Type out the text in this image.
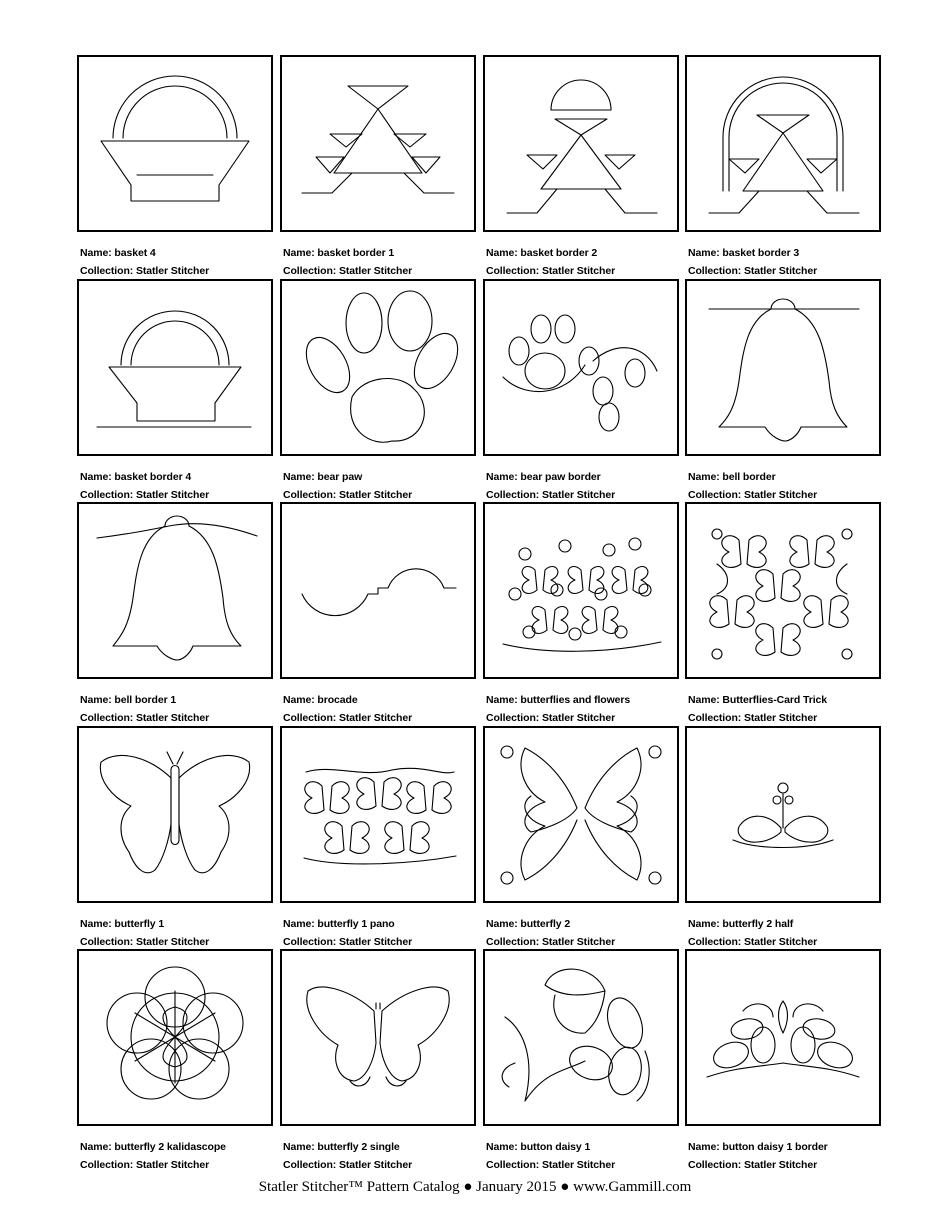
Name: basket 4
Collection: Statler Stitcher
Name: basket border 1
Collection: Statler Stitcher
Name: basket border 2
Collection: Statler Stitcher
Name: basket border 3
Collection: Statler Stitcher
Name: basket border 4
Collection: Statler Stitcher
Name: bear paw
Collection: Statler Stitcher
Name: bear paw border
Collection: Statler Stitcher
Name: bell border
Collection: Statler Stitcher
Name: bell border 1
Collection: Statler Stitcher
Name: brocade
Collection: Statler Stitcher
Name: butterflies and flowers
Collection: Statler Stitcher
Name: Butterflies-Card Trick
Collection: Statler Stitcher
Name: butterfly 1
Collection: Statler Stitcher
Name: butterfly 1 pano
Collection: Statler Stitcher
Name: butterfly 2
Collection: Statler Stitcher
Name: butterfly 2 half
Collection: Statler Stitcher
Name: butterfly 2 kalidascope
Collection: Statler Stitcher
Name: butterfly 2 single
Collection: Statler Stitcher
Name: button daisy 1
Collection: Statler Stitcher
Name: button daisy 1 border
Collection: Statler Stitcher
Statler Stitcher™ Pattern Catalog ● January 2015 ● www.Gammill.com
